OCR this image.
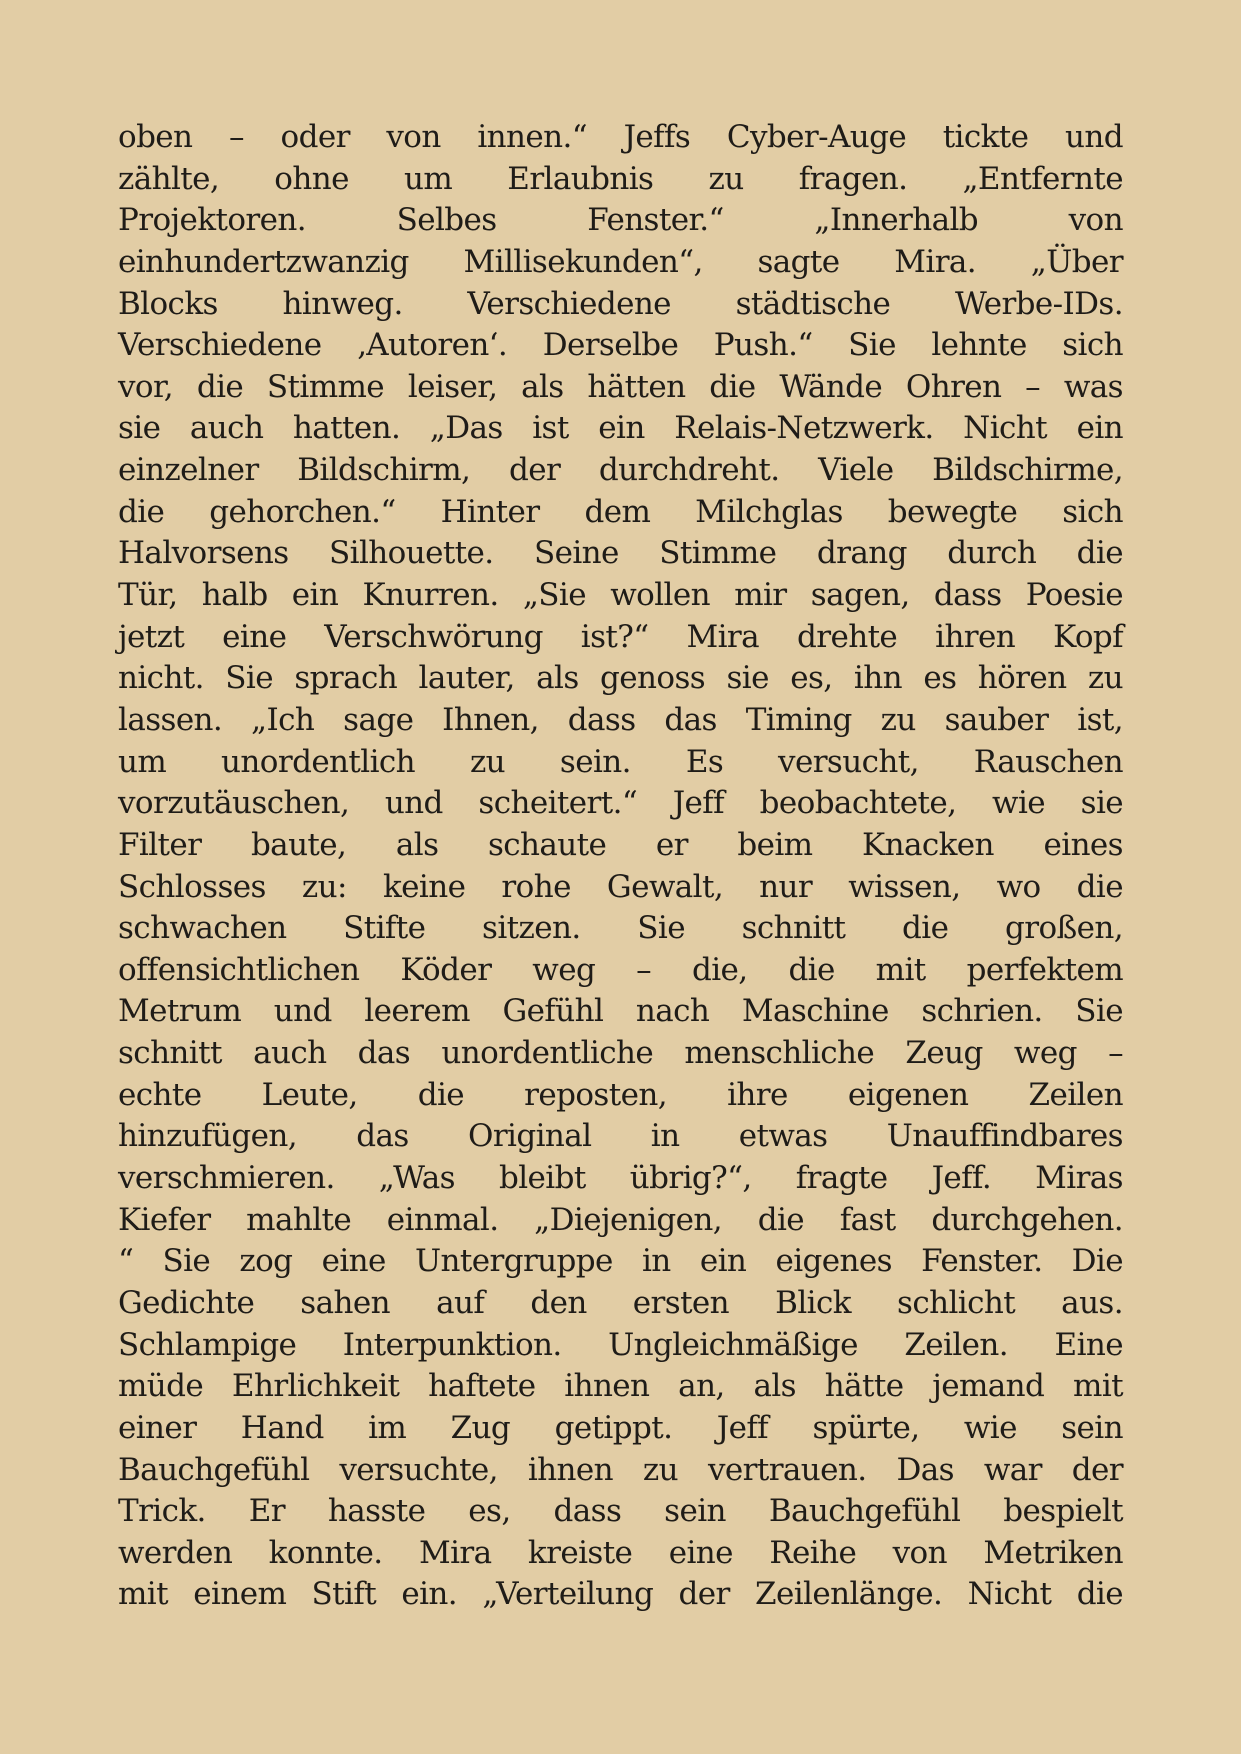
oben – oder von innen.“ Jeffs Cyber-Auge tickte und
zählte, ohne um Erlaubnis zu fragen. „Entfernte
Projektoren. Selbes Fenster.“ „Innerhalb von
einhundertzwanzig Millisekunden“, sagte Mira. „Über
Blocks hinweg. Verschiedene städtische Werbe-IDs.
Verschiedene ‚Autoren‘. Derselbe Push.“ Sie lehnte sich
vor, die Stimme leiser, als hätten die Wände Ohren – was
sie auch hatten. „Das ist ein Relais-Netzwerk. Nicht ein
einzelner Bildschirm, der durchdreht. Viele Bildschirme,
die gehorchen.“ Hinter dem Milchglas bewegte sich
Halvorsens Silhouette. Seine Stimme drang durch die
Tür, halb ein Knurren. „Sie wollen mir sagen, dass Poesie
jetzt eine Verschwörung ist?“ Mira drehte ihren Kopf
nicht. Sie sprach lauter, als genoss sie es, ihn es hören zu
lassen. „Ich sage Ihnen, dass das Timing zu sauber ist,
um unordentlich zu sein. Es versucht, Rauschen
vorzutäuschen, und scheitert.“ Jeff beobachtete, wie sie
Filter baute, als schaute er beim Knacken eines
Schlosses zu: keine rohe Gewalt, nur wissen, wo die
schwachen Stifte sitzen. Sie schnitt die großen,
offensichtlichen Köder weg – die, die mit perfektem
Metrum und leerem Gefühl nach Maschine schrien. Sie
schnitt auch das unordentliche menschliche Zeug weg –
echte Leute, die reposten, ihre eigenen Zeilen
hinzufügen, das Original in etwas Unauffindbares
verschmieren. „Was bleibt übrig?“, fragte Jeff. Miras
Kiefer mahlte einmal. „Diejenigen, die fast durchgehen.
“ Sie zog eine Untergruppe in ein eigenes Fenster. Die
Gedichte sahen auf den ersten Blick schlicht aus.
Schlampige Interpunktion. Ungleichmäßige Zeilen. Eine
müde Ehrlichkeit haftete ihnen an, als hätte jemand mit
einer Hand im Zug getippt. Jeff spürte, wie sein
Bauchgefühl versuchte, ihnen zu vertrauen. Das war der
Trick. Er hasste es, dass sein Bauchgefühl bespielt
werden konnte. Mira kreiste eine Reihe von Metriken
mit einem Stift ein. „Verteilung der Zeilenlänge. Nicht die
